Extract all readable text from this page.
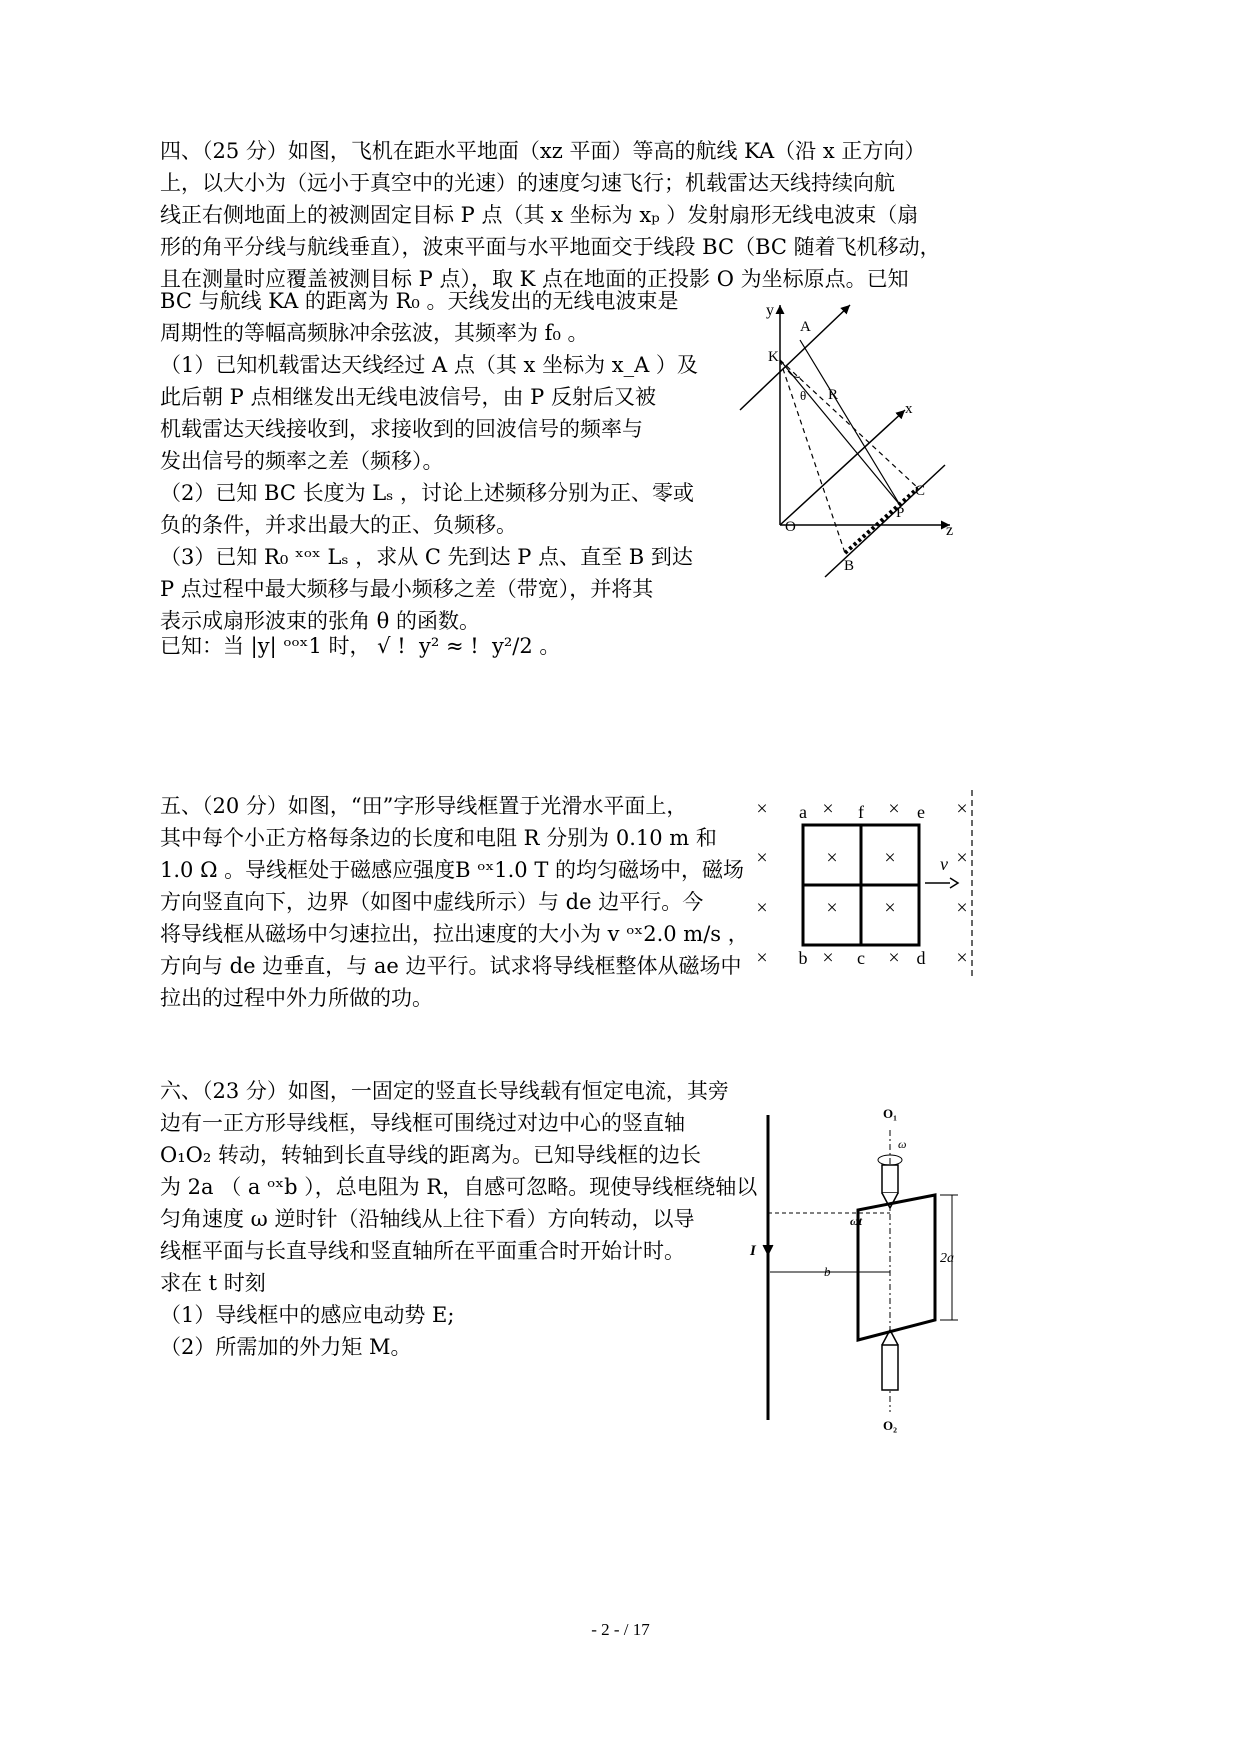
四、（25 分）如图，飞机在距水平地面（xz 平面）等高的航线 KA（沿 x 正方向）
上，以大小为（远小于真空中的光速）的速度匀速飞行；机载雷达天线持续向航
线正右侧地面上的被测固定目标 P 点（其 x 坐标为 xₚ ）发射扇形无线电波束（扇
形的角平分线与航线垂直），波束平面与水平地面交于线段 BC（BC 随着飞机移动，
且在测量时应覆盖被测目标 P 点），取 K 点在地面的正投影 O 为坐标原点。已知
BC 与航线 KA 的距离为 R₀ 。天线发出的无线电波束是
周期性的等幅高频脉冲余弦波，其频率为 f₀ 。
（1）已知机载雷达天线经过 A 点（其 x 坐标为 x_A ）及
此后朝 P 点相继发出无线电波信号，由 P 反射后又被
机载雷达天线接收到，求接收到的回波信号的频率与
发出信号的频率之差（频移）。
（2）已知 BC 长度为 Lₛ ，讨论上述频移分别为正、零或
负的条件，并求出最大的正、负频移。
（3）已知 R₀ ˣᵒˣ Lₛ ，求从 C 先到达 P 点、直至 B 到达
P 点过程中最大频移与最小频移之差（带宽），并将其
表示成扇形波束的张角 θ 的函数。
已知：当 |y| ᵒᵒˣ1 时， √ !  y² ≈ !  y²/2 。
y
A
K
R
θ
x
O	z
P
C
B
五、（20 分）如图，“田”字形导线框置于光滑水平面上，
其中每个小正方格每条边的长度和电阻 R 分别为 0.10 m 和
1.0 Ω 。导线框处于磁感应强度B ᵒˣ1.0 T 的均匀磁场中，磁场
方向竖直向下，边界（如图中虚线所示）与 de 边平行。今
将导线框从磁场中匀速拉出，拉出速度的大小为 v ᵒˣ2.0 m/s ，
方向与 de 边垂直，与 ae 边平行。试求将导线框整体从磁场中
拉出的过程中外力所做的功。
×	×	×	×
×	× ×	×
×	× ×	×
×	×	×	×
a	f	e
b	c	d
v
六、（23 分）如图，一固定的竖直长导线载有恒定电流，其旁
边有一正方形导线框，导线框可围绕过对边中心的竖直轴
O₁O₂ 转动，转轴到长直导线的距离为。已知导线框的边长
为 2a （ a ᵒˣb ），总电阻为 R，自感可忽略。现使导线框绕轴以
匀角速度 ω 逆时针（沿轴线从上往下看）方向转动，以导
线框平面与长直导线和竖直轴所在平面重合时开始计时。
求在 t 时刻
（1）导线框中的感应电动势 E;
（2）所需加的外力矩 M。
I	2a
b
O₁
ω
ωt
O₂
- 2 - / 17
